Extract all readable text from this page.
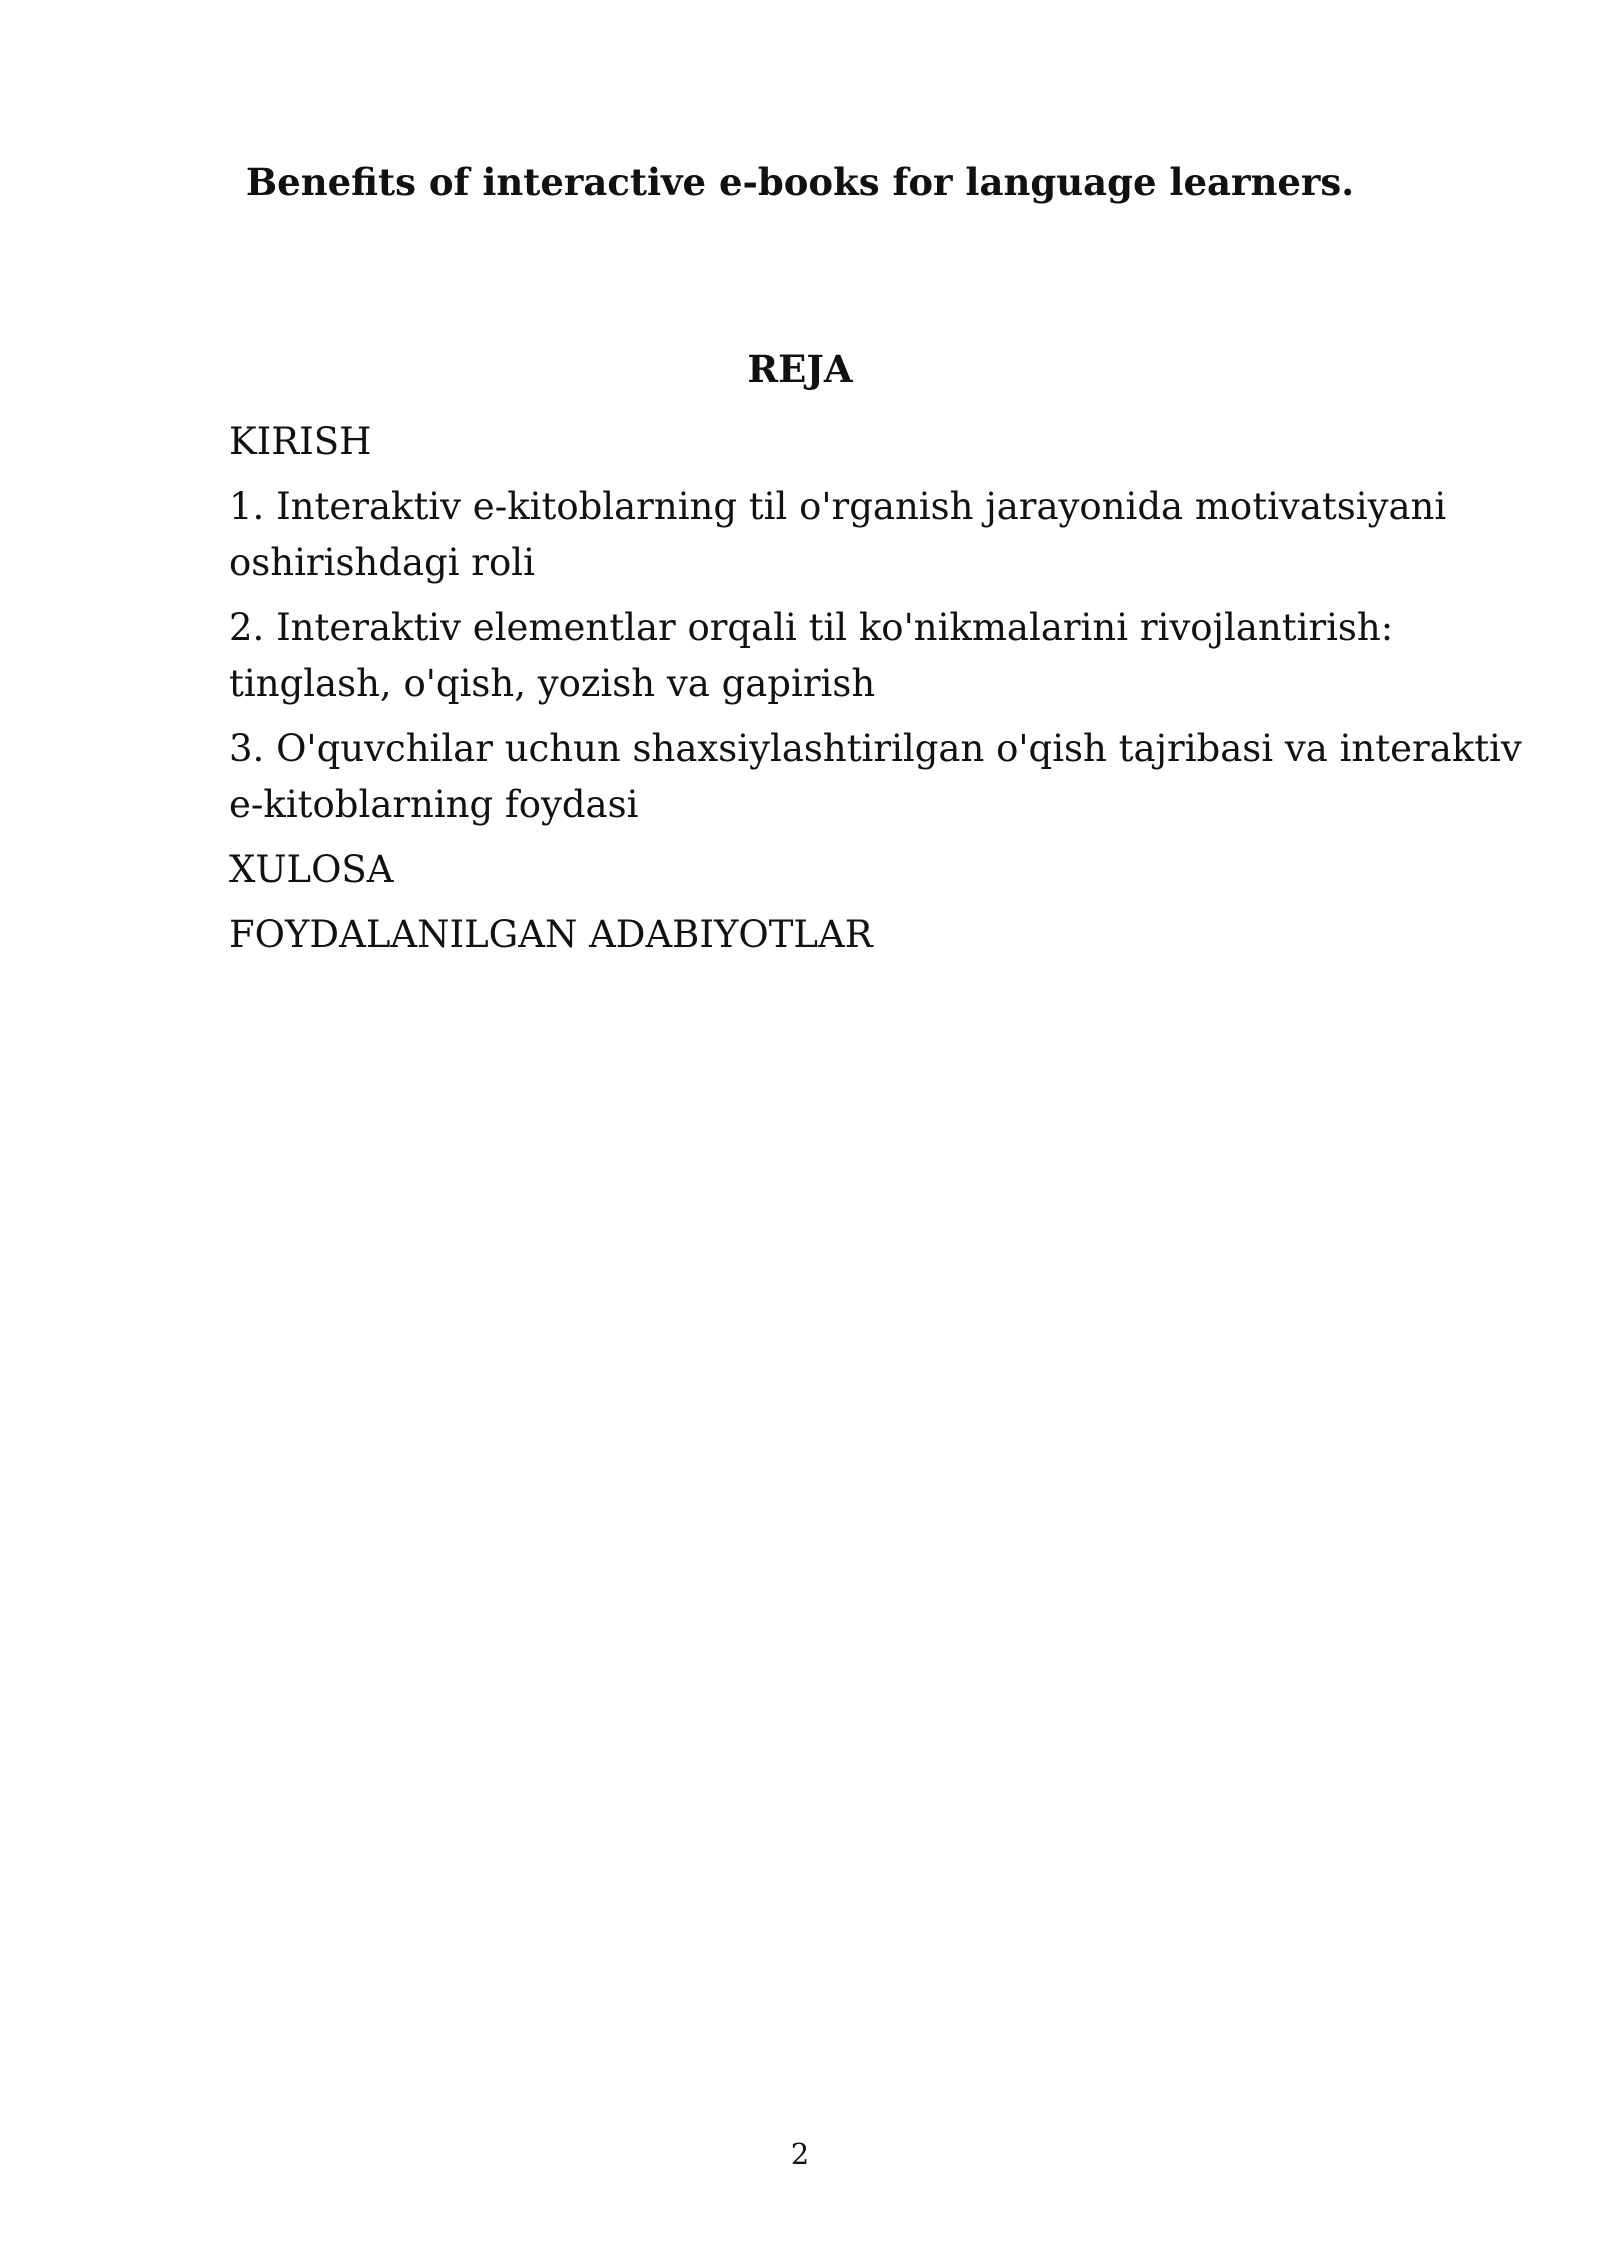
Benefits of interactive e-books for language learners.
REJA
KIRISH
1. Interaktiv e-kitoblarning til o'rganish jarayonida motivatsiyani oshirishdagi roli
2. Interaktiv elementlar orqali til ko'nikmalarini rivojlantirish: tinglash, o'qish, yozish va gapirish
3. O'quvchilar uchun shaxsiylashtirilgan o'qish tajribasi va interaktiv e-kitoblarning foydasi
XULOSA
FOYDALANILGAN ADABIYOTLAR
2
